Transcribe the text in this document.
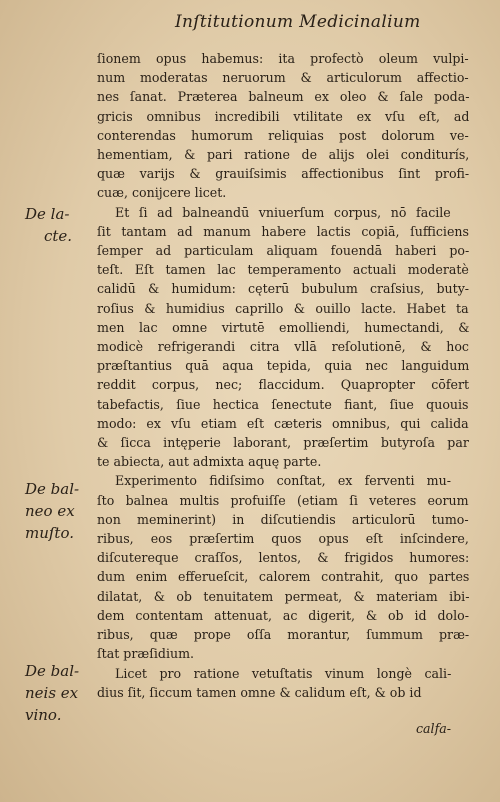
Inſtitutionum Medicinalium
De la-
cte.
De bal-
neo ex
muſto.
De bal-
neis ex
vino.
ſionem opus habemus: ita profectò oleum vulpi-
num moderatas neruorum & articulorum affectio-
nes ſanat. Præterea balneum ex oleo & ſale poda-
gricis omnibus incredibili vtilitate ex vſu eſt, ad
conterendas humorum reliquias post dolorum ve-
hementiam, & pari ratione de alijs olei conditurís,
quæ varijs & grauiſsimis affectionibus ſint profi-
cuæ, conijcere licet.
Et ſi ad balneandū vniuerſum corpus, nō facile
ſit tantam ad manum habere lactis copiā, ſufficiens
ſemper ad particulam aliquam fouendā haberi po-
teſt. Eſt tamen lac temperamento actuali moderatè
calidū & humidum: cęterū bubulum craſsius, buty-
roſius & humidius caprillo & ouillo lacte. Habet ta
men lac omne virtutē emolliendi, humectandi, &
modicè refrigerandi citra vllā reſolutionē, & hoc
præſtantius quā aqua tepida, quia nec languidum
reddit corpus, nec; flaccidum. Quapropter cōfert
tabefactis, ſiue hectica ſenectute fiant, ſiue quouis
modo: ex vſu etiam eſt cæteris omnibus, qui calida
& ſicca intęperie laborant, præſertim butyroſa par
te abiecta, aut admixta aquę parte.
Experimento fidiſsimo conſtat, ex ferventi mu-
ſto balnea multis profuiſſe (etiam ſi veteres eorum
non meminerint) in diſcutiendis articulorū tumo-
ribus, eos præſertim quos opus eſt inſcindere,
diſcutereque craſſos, lentos, & frigidos humores:
dum enim efferueſcit, calorem contrahit, quo partes
dilatat, & ob tenuitatem permeat, & materiam ibi-
dem contentam attenuat, ac digerit, & ob id dolo-
ribus, quæ prope oſſa morantur, ſummum præ-
ſtat præſidium.
Licet pro ratione vetuſtatis vinum longè cali-
dius ſit, ſiccum tamen omne & calidum eſt, & ob id
calfa-
